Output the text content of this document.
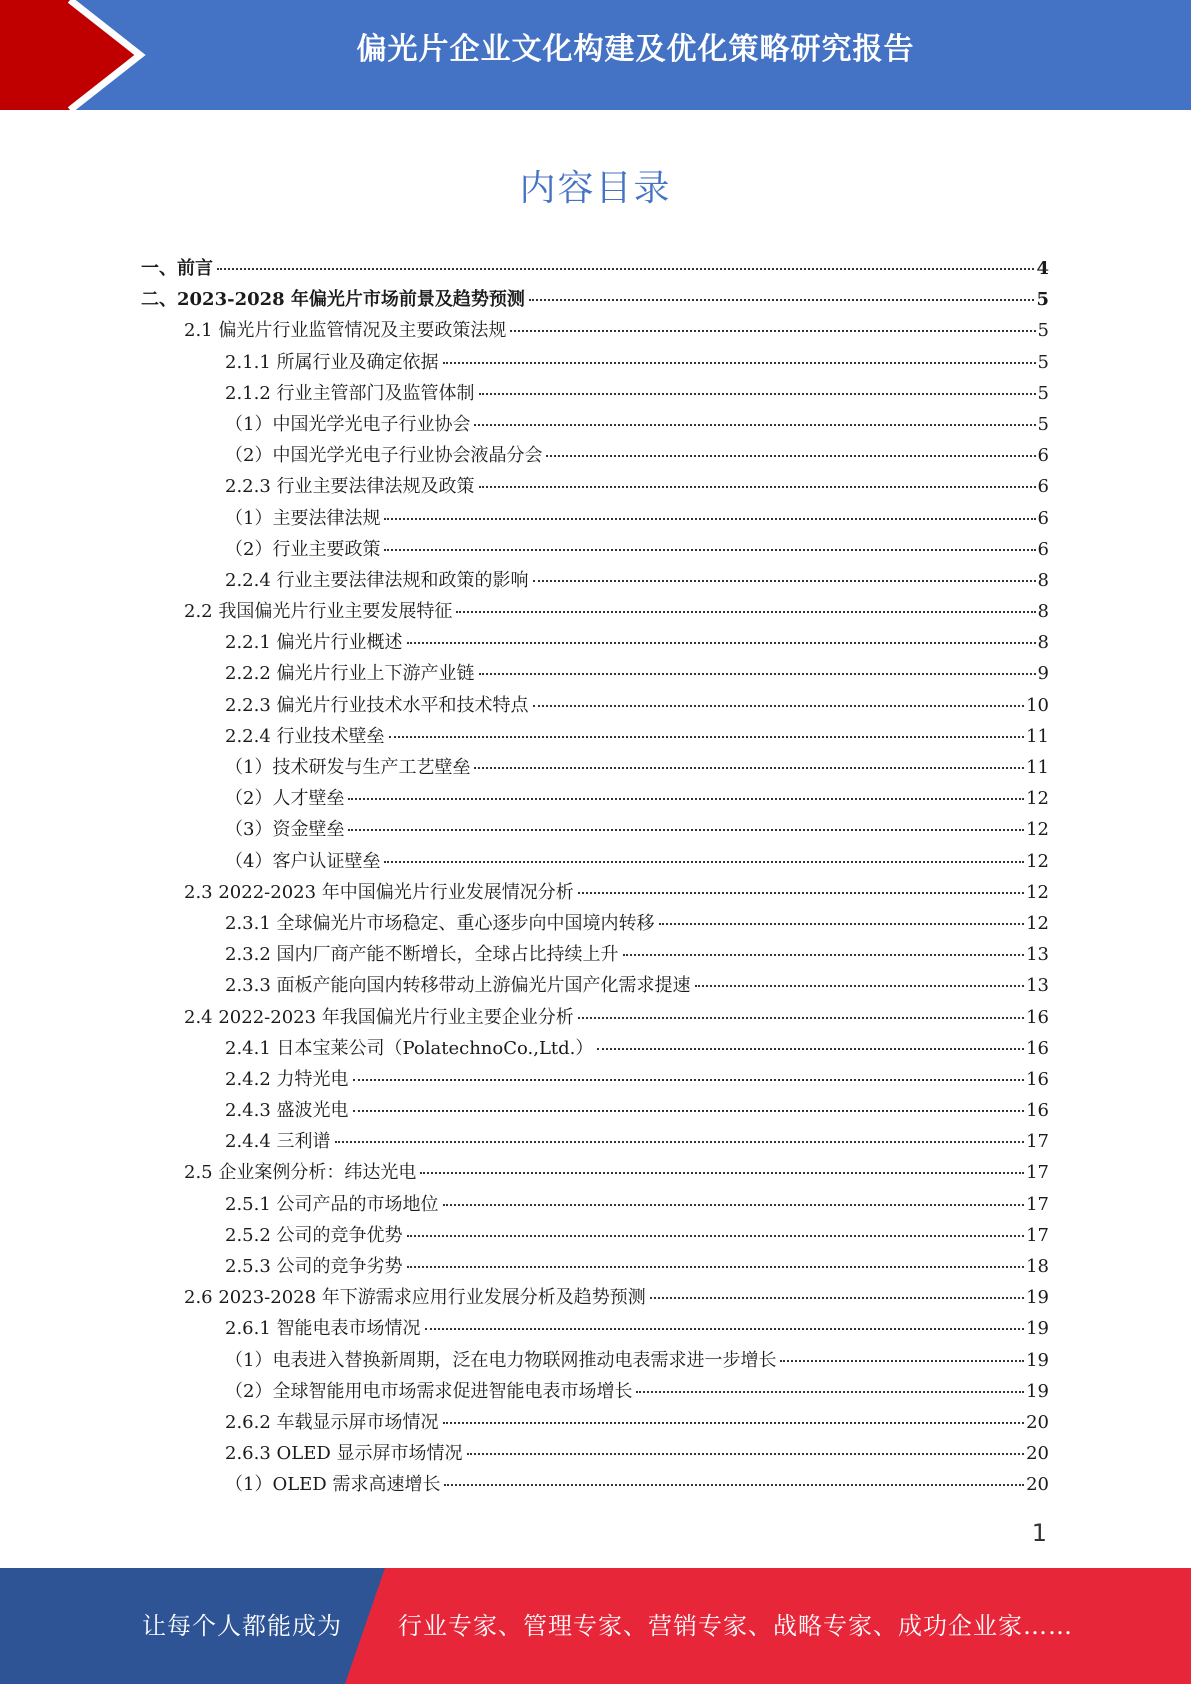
偏光片企业文化构建及优化策略研究报告
内容目录
一、前言	4
二、2023-2028 年偏光片市场前景及趋势预测	5
2.1 偏光片行业监管情况及主要政策法规	5
2.1.1 所属行业及确定依据	5
2.1.2 行业主管部门及监管体制	5
（1）中国光学光电子行业协会	5
（2）中国光学光电子行业协会液晶分会	6
2.2.3 行业主要法律法规及政策	6
（1）主要法律法规	6
（2）行业主要政策	6
2.2.4 行业主要法律法规和政策的影响	8
2.2 我国偏光片行业主要发展特征	8
2.2.1 偏光片行业概述	8
2.2.2 偏光片行业上下游产业链	9
2.2.3 偏光片行业技术水平和技术特点	10
2.2.4 行业技术壁垒	11
（1）技术研发与生产工艺壁垒	11
（2）人才壁垒	12
（3）资金壁垒	12
（4）客户认证壁垒	12
2.3 2022-2023 年中国偏光片行业发展情况分析	12
2.3.1 全球偏光片市场稳定、重心逐步向中国境内转移	12
2.3.2 国内厂商产能不断增长，全球占比持续上升	13
2.3.3 面板产能向国内转移带动上游偏光片国产化需求提速	13
2.4 2022-2023 年我国偏光片行业主要企业分析	16
2.4.1 日本宝莱公司（PolatechnoCo.,Ltd.）	16
2.4.2 力特光电	16
2.4.3 盛波光电	16
2.4.4 三利谱	17
2.5 企业案例分析：纬达光电	17
2.5.1 公司产品的市场地位	17
2.5.2 公司的竞争优势	17
2.5.3 公司的竞争劣势	18
2.6 2023-2028 年下游需求应用行业发展分析及趋势预测	19
2.6.1 智能电表市场情况	19
（1）电表进入替换新周期，泛在电力物联网推动电表需求进一步增长	19
（2）全球智能用电市场需求促进智能电表市场增长	19
2.6.2 车载显示屏市场情况	20
2.6.3 OLED 显示屏市场情况	20
（1）OLED 需求高速增长	20
1
让每个人都能成为 行业专家、管理专家、营销专家、战略专家、成功企业家……
